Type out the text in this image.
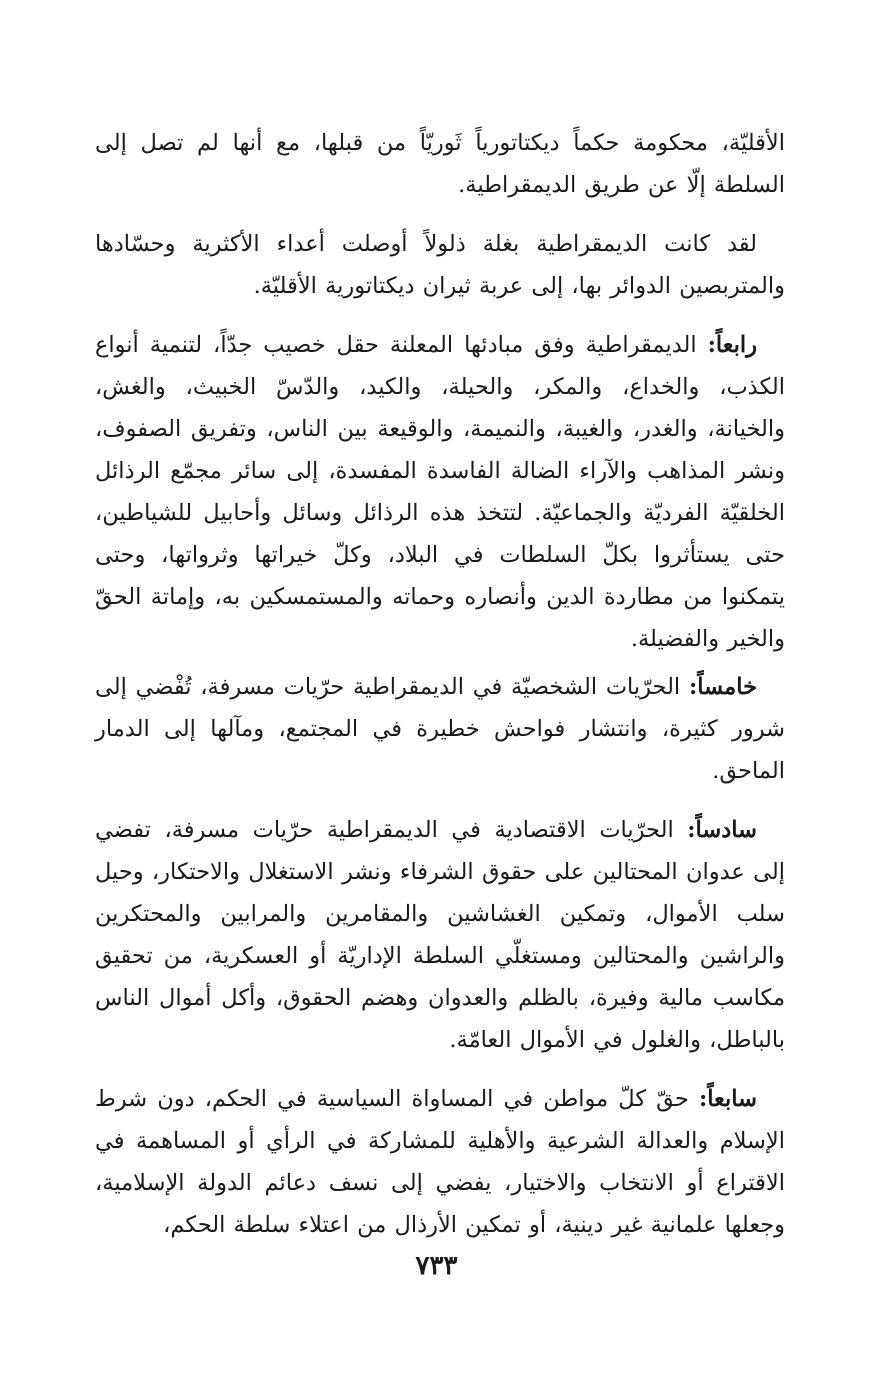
الأقليّة، محكومة حكماً ديكتاتورياً ثَوريّاً من قبلها، مع أنها لم تصل إلى السلطة إلّا عن طريق الديمقراطية.

لقد كانت الديمقراطية بغلة ذلولاً أوصلت أعداء الأكثرية وحسّادها والمتربصين الدوائر بها، إلى عربة ثيران ديكتاتورية الأقليّة.

رابعاً: الديمقراطية وفق مبادئها المعلنة حقل خصيب جدّاً، لتنمية أنواع الكذب، والخداع، والمكر، والحيلة، والكيد، والدّسّ الخبيث، والغش، والخيانة، والغدر، والغيبة، والنميمة، والوقيعة بين الناس، وتفريق الصفوف، ونشر المذاهب والآراء الضالة الفاسدة المفسدة، إلى سائر مجمّع الرذائل الخلقيّة الفرديّة والجماعيّة. لتتخذ هذه الرذائل وسائل وأحابيل للشياطين، حتى يستأثروا بكلّ السلطات في البلاد، وكلّ خيراتها وثرواتها، وحتى يتمكنوا من مطاردة الدين وأنصاره وحماته والمستمسكين به، وإماتة الحقّ والخير والفضيلة.

خامساً: الحرّيات الشخصيّة في الديمقراطية حرّيات مسرفة، تُفْضي إلى شرور كثيرة، وانتشار فواحش خطيرة في المجتمع، ومآلها إلى الدمار الماحق.

سادساً: الحرّيات الاقتصادية في الديمقراطية حرّيات مسرفة، تفضي إلى عدوان المحتالين على حقوق الشرفاء ونشر الاستغلال والاحتكار، وحيل سلب الأموال، وتمكين الغشاشين والمقامرين والمرابين والمحتكرين والراشين والمحتالين ومستغلّي السلطة الإداريّة أو العسكرية، من تحقيق مكاسب مالية وفيرة، بالظلم والعدوان وهضم الحقوق، وأكل أموال الناس بالباطل، والغلول في الأموال العامّة.

سابعاً: حقّ كلّ مواطن في المساواة السياسية في الحكم، دون شرط الإسلام والعدالة الشرعية والأهلية للمشاركة في الرأي أو المساهمة في الاقتراع أو الانتخاب والاختيار، يفضي إلى نسف دعائم الدولة الإسلامية، وجعلها علمانية غير دينية، أو تمكين الأرذال من اعتلاء سلطة الحكم،

٧٣٣
